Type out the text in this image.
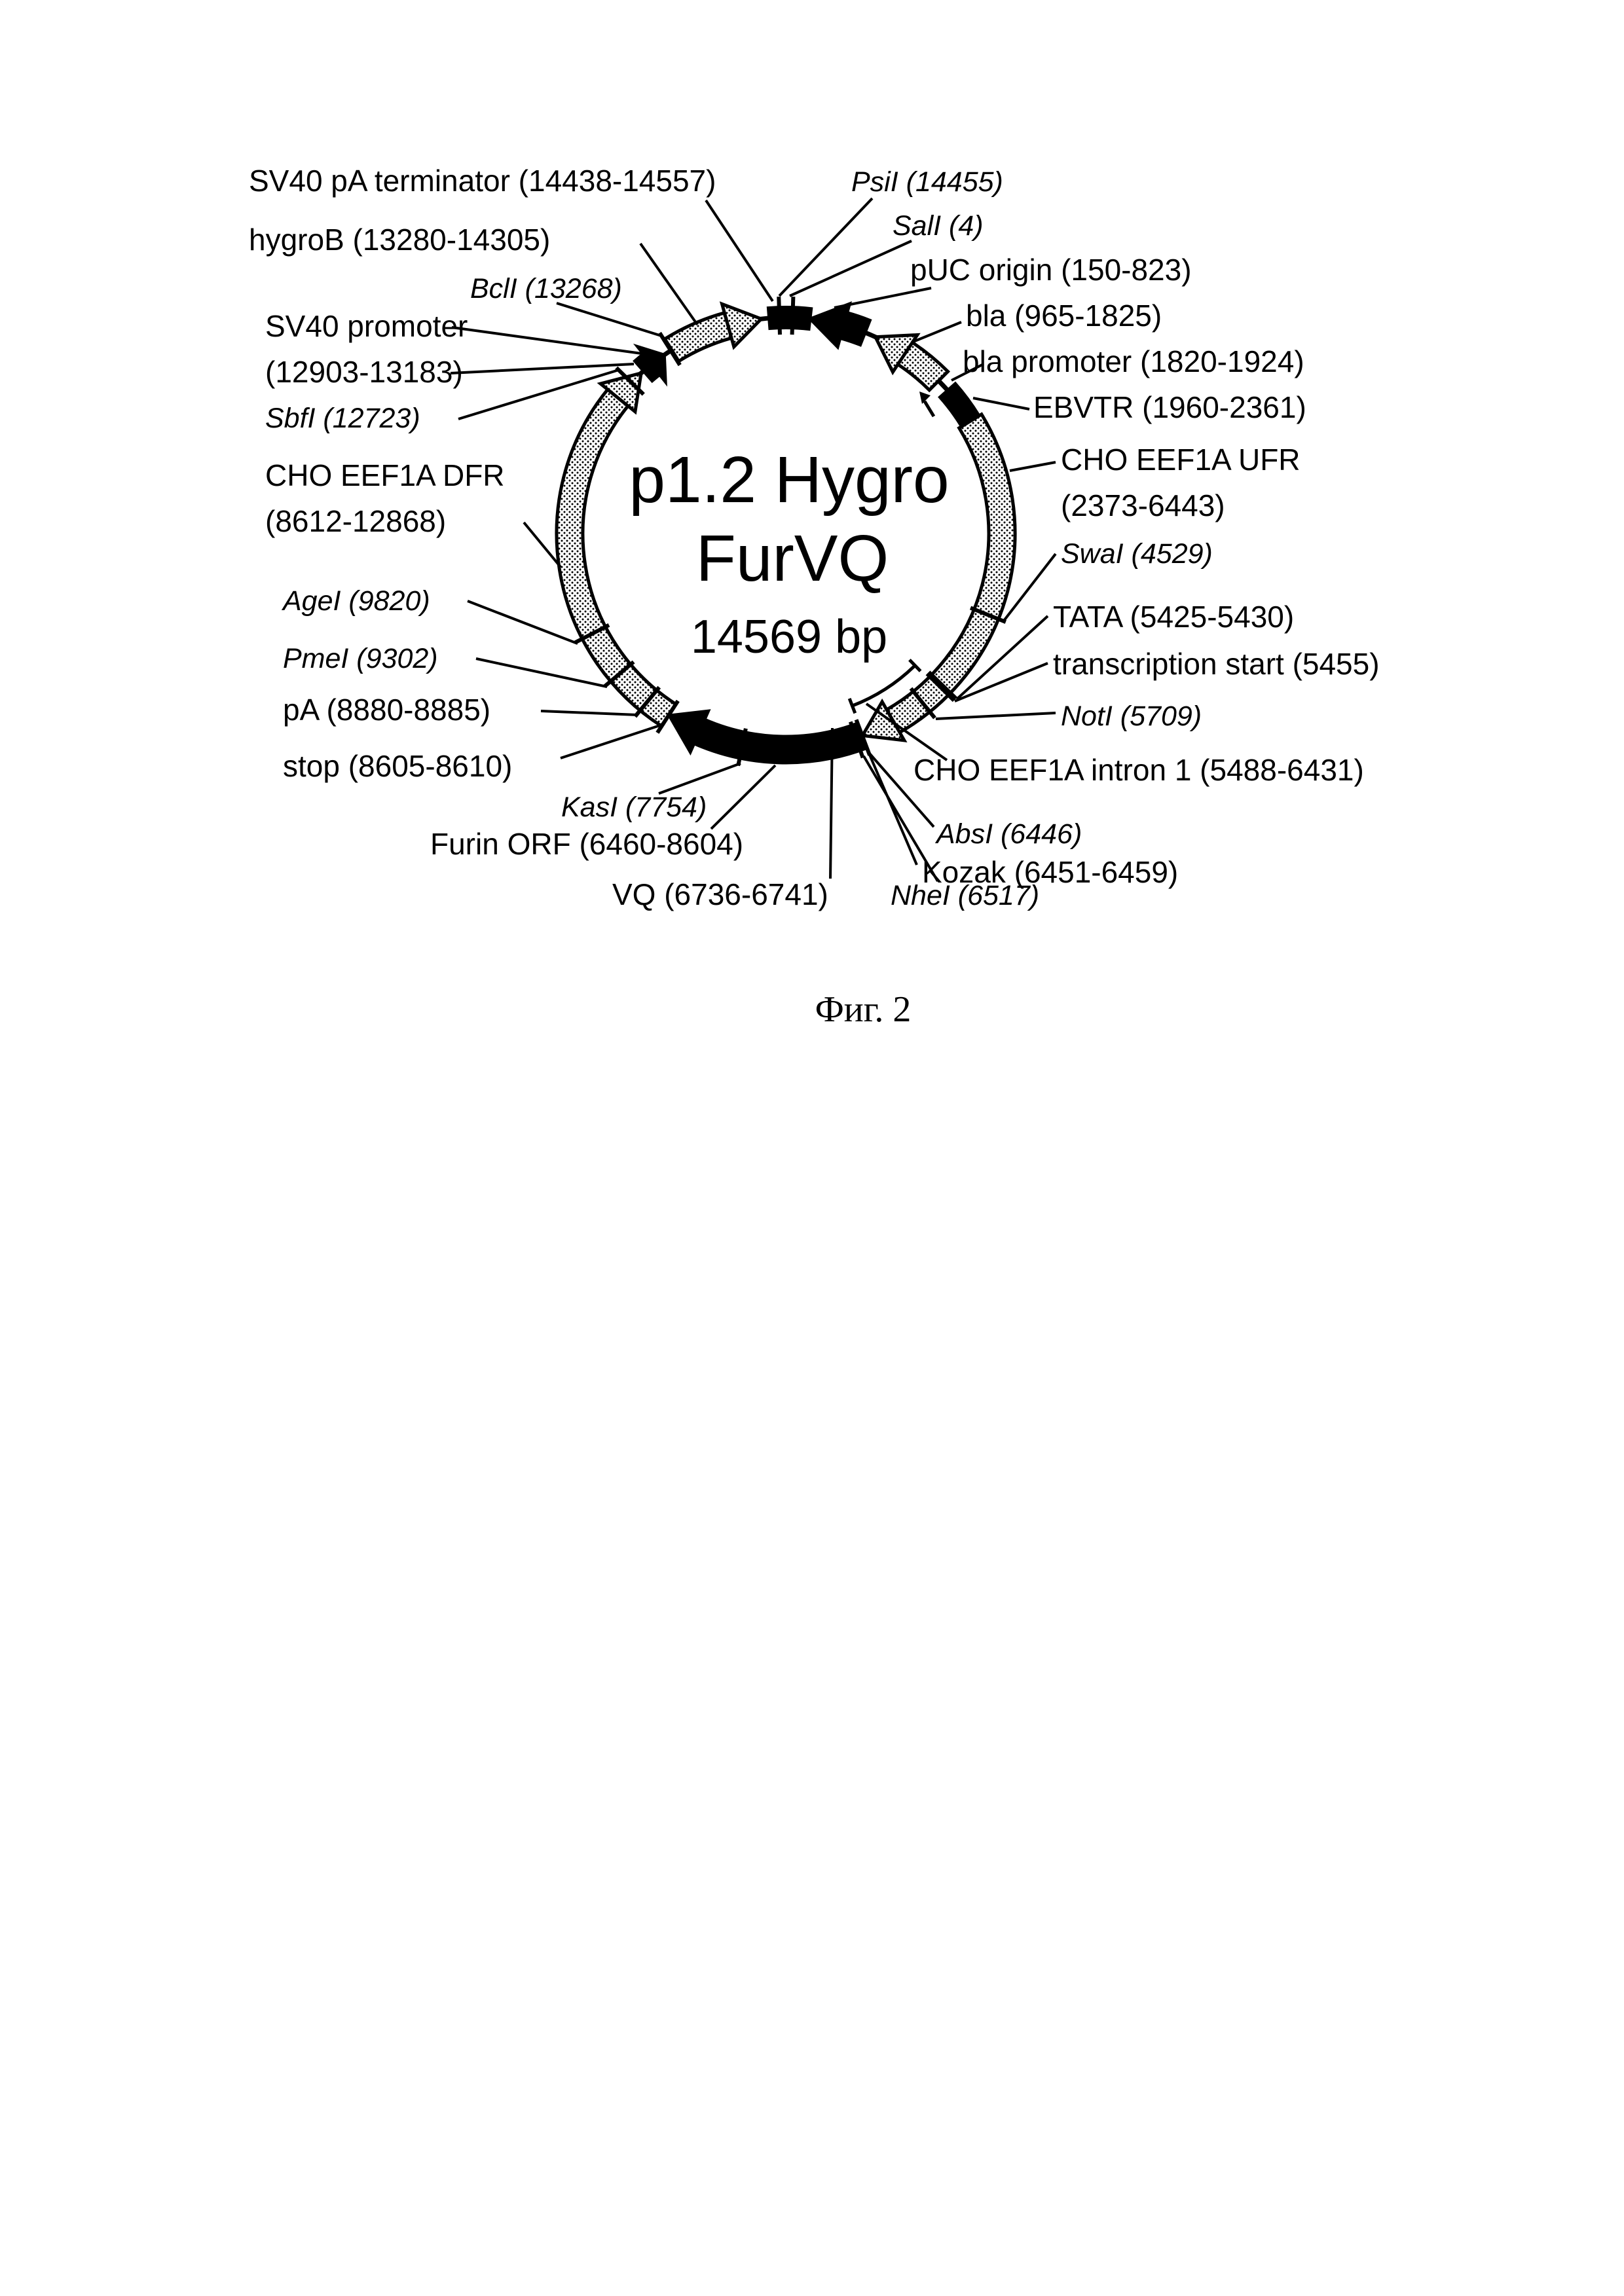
SV40 pA terminator (14438-14557)
hygroB (13280-14305)
BclI (13268)
SV40 promoter
(12903-13183)
SbfI (12723)
CHO EEF1A DFR
(8612-12868)
AgeI (9820)
PmeI (9302)
pA (8880-8885)
stop (8605-8610)
KasI (7754)
Furin ORF (6460-8604)
VQ (6736-6741)
PsiI (14455)
SalI (4)
pUC origin (150-823)
bla (965-1825)
bla promoter (1820-1924)
EBVTR (1960-2361)
CHO EEF1A UFR
(2373-6443)
SwaI (4529)
TATA (5425-5430)
transcription start (5455)
NotI (5709)
CHO EEF1A intron 1 (5488-6431)
AbsI (6446)
Kozak (6451-6459)
NheI (6517)
p1.2 Hygro
FurVQ
14569 bp
Фиг. 2
